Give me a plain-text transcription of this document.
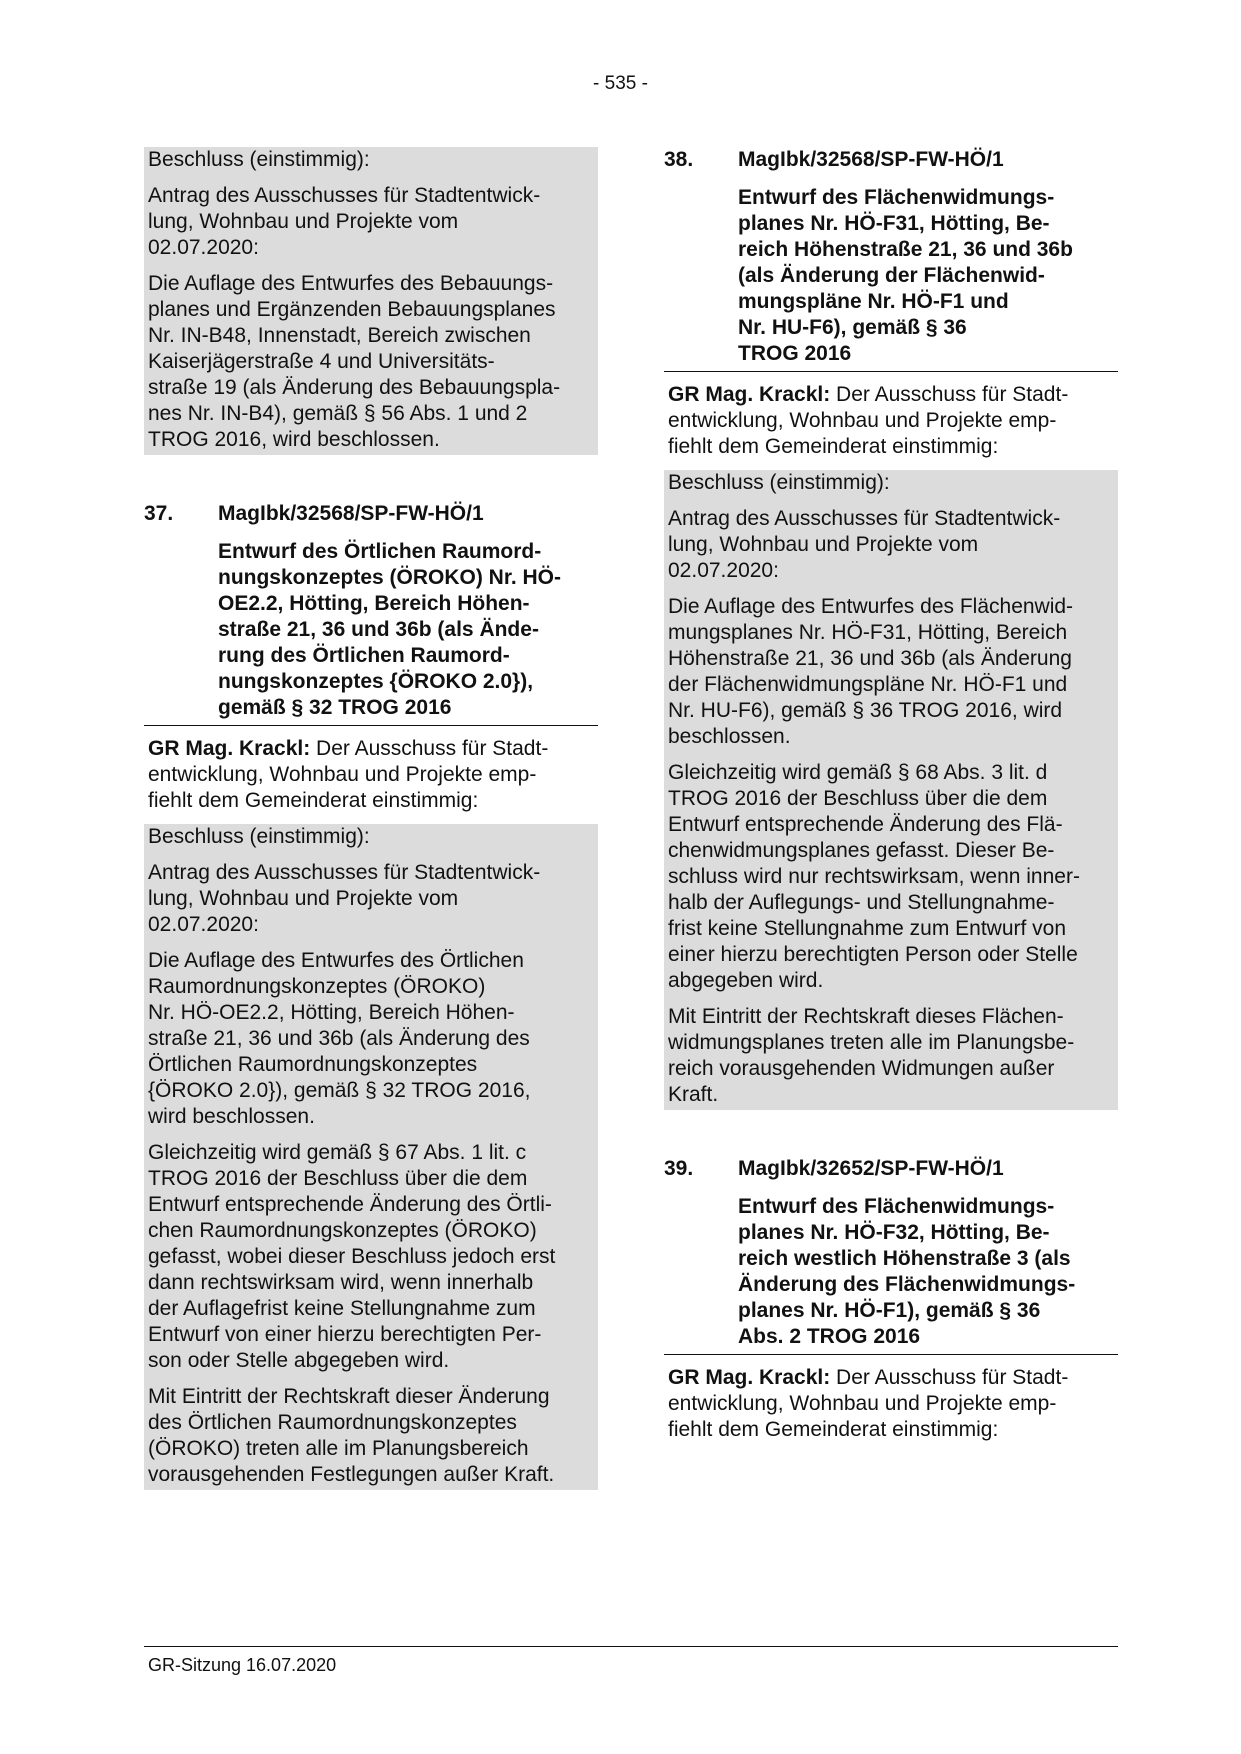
- 535 -

Beschluss (einstimmig):

Antrag des Ausschusses für Stadtentwick-
lung, Wohnbau und Projekte vom
02.07.2020:

Die Auflage des Entwurfes des Bebauungs-
planes und Ergänzenden Bebauungsplanes
Nr. IN-B48, Innenstadt, Bereich zwischen
Kaiserjägerstraße 4 und Universitäts-
straße 19 (als Änderung des Bebauungspla-
nes Nr. IN-B4), gemäß § 56 Abs. 1 und 2
TROG 2016, wird beschlossen.

37.	MagIbk/32568/SP-FW-HÖ/1
Entwurf des Örtlichen Raumord-
nungskonzeptes (ÖROKO) Nr. HÖ-
OE2.2, Hötting, Bereich Höhen-
straße 21, 36 und 36b (als Ände-
rung des Örtlichen Raumord-
nungskonzeptes {ÖROKO 2.0}),
gemäß § 32 TROG 2016

GR Mag. Krackl: Der Ausschuss für Stadt-
entwicklung, Wohnbau und Projekte emp-
fiehlt dem Gemeinderat einstimmig:

Beschluss (einstimmig):

Antrag des Ausschusses für Stadtentwick-
lung, Wohnbau und Projekte vom
02.07.2020:

Die Auflage des Entwurfes des Örtlichen
Raumordnungskonzeptes (ÖROKO)
Nr. HÖ-OE2.2, Hötting, Bereich Höhen-
straße 21, 36 und 36b (als Änderung des
Örtlichen Raumordnungskonzeptes
{ÖROKO 2.0}), gemäß § 32 TROG 2016,
wird beschlossen.

Gleichzeitig wird gemäß § 67 Abs. 1 lit. c
TROG 2016 der Beschluss über die dem
Entwurf entsprechende Änderung des Örtli-
chen Raumordnungskonzeptes (ÖROKO)
gefasst, wobei dieser Beschluss jedoch erst
dann rechtswirksam wird, wenn innerhalb
der Auflagefrist keine Stellungnahme zum
Entwurf von einer hierzu berechtigten Per-
son oder Stelle abgegeben wird.

Mit Eintritt der Rechtskraft dieser Änderung
des Örtlichen Raumordnungskonzeptes
(ÖROKO) treten alle im Planungsbereich
vorausgehenden Festlegungen außer Kraft.

38.	MagIbk/32568/SP-FW-HÖ/1
Entwurf des Flächenwidmungs-
planes Nr. HÖ-F31, Hötting, Be-
reich Höhenstraße 21, 36 und 36b
(als Änderung der Flächenwid-
mungspläne Nr. HÖ-F1 und
Nr. HU-F6), gemäß § 36
TROG 2016

GR Mag. Krackl: Der Ausschuss für Stadt-
entwicklung, Wohnbau und Projekte emp-
fiehlt dem Gemeinderat einstimmig:

Beschluss (einstimmig):

Antrag des Ausschusses für Stadtentwick-
lung, Wohnbau und Projekte vom
02.07.2020:

Die Auflage des Entwurfes des Flächenwid-
mungsplanes Nr. HÖ-F31, Hötting, Bereich
Höhenstraße 21, 36 und 36b (als Änderung
der Flächenwidmungspläne Nr. HÖ-F1 und
Nr. HU-F6), gemäß § 36 TROG 2016, wird
beschlossen.

Gleichzeitig wird gemäß § 68 Abs. 3 lit. d
TROG 2016 der Beschluss über die dem
Entwurf entsprechende Änderung des Flä-
chenwidmungsplanes gefasst. Dieser Be-
schluss wird nur rechtswirksam, wenn inner-
halb der Auflegungs- und Stellungnahme-
frist keine Stellungnahme zum Entwurf von
einer hierzu berechtigten Person oder Stelle
abgegeben wird.

Mit Eintritt der Rechtskraft dieses Flächen-
widmungsplanes treten alle im Planungsbe-
reich vorausgehenden Widmungen außer
Kraft.

39.	MagIbk/32652/SP-FW-HÖ/1
Entwurf des Flächenwidmungs-
planes Nr. HÖ-F32, Hötting, Be-
reich westlich Höhenstraße 3 (als
Änderung des Flächenwidmungs-
planes Nr. HÖ-F1), gemäß § 36
Abs. 2 TROG 2016

GR Mag. Krackl: Der Ausschuss für Stadt-
entwicklung, Wohnbau und Projekte emp-
fiehlt dem Gemeinderat einstimmig:

GR-Sitzung 16.07.2020
